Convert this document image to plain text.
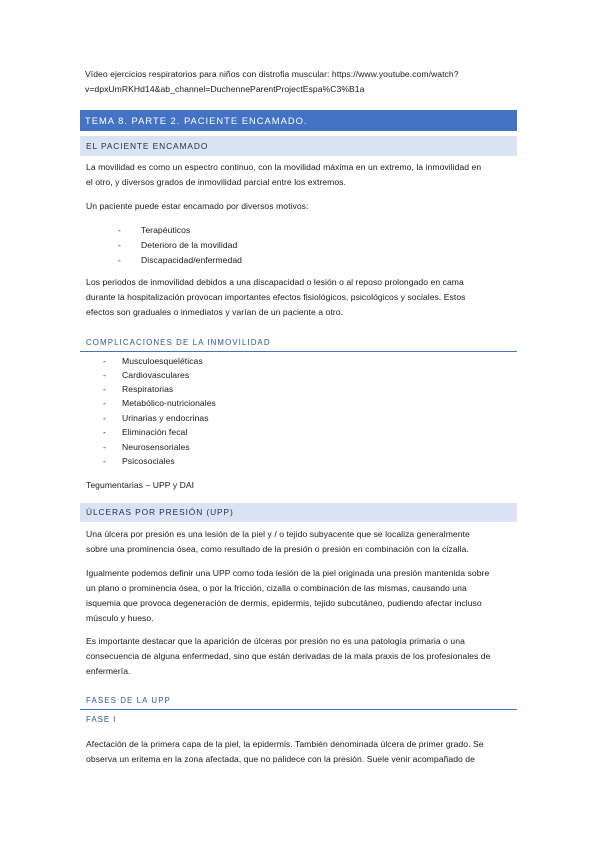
Vídeo ejercicios respiratorios para niños con distrofia muscular: https://www.youtube.com/watch?
v=dpxUmRKHd14&ab_channel=DuchenneParentProjectEspa%C3%B1a
TEMA 8. PARTE 2. PACIENTE ENCAMADO.
EL PACIENTE ENCAMADO
La movilidad es como un espectro continuo, con la movilidad máxima en un extremo, la inmovilidad en
el otro, y diversos grados de inmovilidad parcial entre los extremos.
Un paciente puede estar encamado por diversos motivos:
- Terapéuticos
- Deterioro de la movilidad
- Discapacidad/enfermedad
Los periodos de inmovilidad debidos a una discapacidad o lesión o al reposo prolongado en cama
durante la hospitalización provocan importantes efectos fisiológicos, psicológicos y sociales. Estos
efectos son graduales o inmediatos y varían de un paciente a otro.
COMPLICACIONES DE LA INMOVILIDAD
- Musculoesqueléticas
- Cardiovasculares
- Respiratorias
- Metabólico-nutricionales
- Urinarias y endocrinas
- Eliminación fecal
- Neurosensoriales
- Psicosociales
Tegumentarias – UPP y DAI
ÚLCERAS POR PRESIÓN (UPP)
Una úlcera por presión es una lesión de la piel y / o tejido subyacente que se localiza generalmente
sobre una prominencia ósea, como resultado de la presión o presión en combinación con la cizalla.
Igualmente podemos definir una UPP como toda lesión de la piel originada una presión mantenida sobre
un plano o prominencia ósea, o por la fricción, cizalla o combinación de las mismas, causando una
isquemia que provoca degeneración de dermis, epidermis, tejido subcutáneo, pudiendo afectar incluso
músculo y hueso.
Es importante destacar que la aparición de úlceras por presión no es una patología primaria o una
consecuencia de alguna enfermedad, sino que están derivadas de la mala praxis de los profesionales de
enfermería.
FASES DE LA UPP
FASE I
Afectación de la primera capa de la piel, la epidermis. También denominada úlcera de primer grado. Se
observa un eritema en la zona afectada, que no palidece con la presión. Suele venir acompañado de
